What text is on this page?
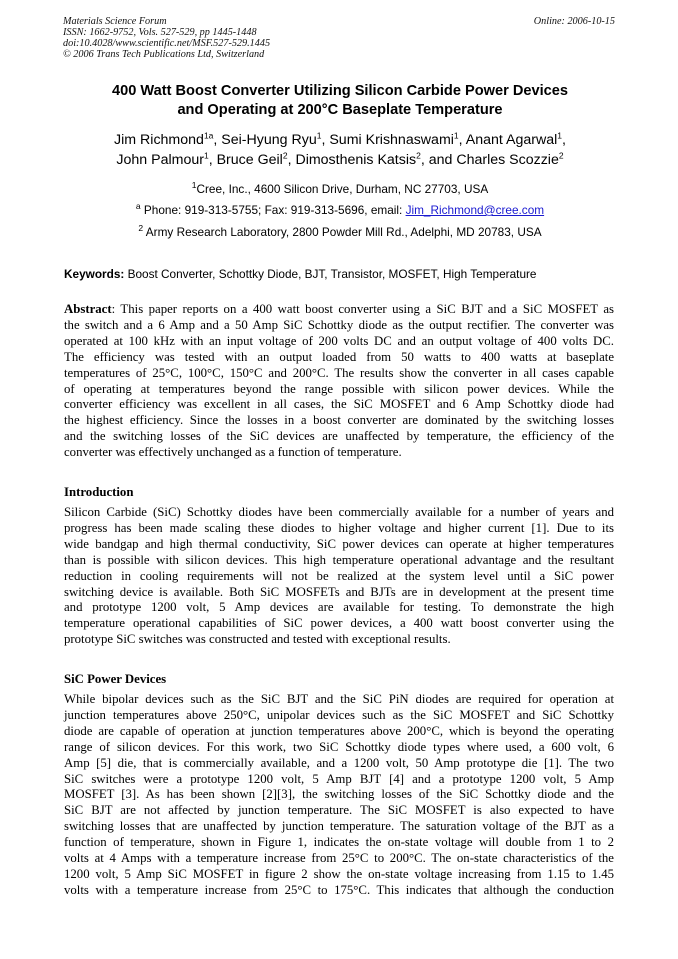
Materials Science Forum
ISSN: 1662-9752, Vols. 527-529, pp 1445-1448
doi:10.4028/www.scientific.net/MSF.527-529.1445
© 2006 Trans Tech Publications Ltd, Switzerland
Online: 2006-10-15
400 Watt Boost Converter Utilizing Silicon Carbide Power Devices
and Operating at 200°C Baseplate Temperature
Jim Richmond$^{1a}$, Sei-Hyung Ryu$^1$, Sumi Krishnaswami$^1$, Anant Agarwal$^1$,
John Palmour$^1$, Bruce Geil$^2$, Dimosthenis Katsis$^2$, and Charles Scozzie$^2$
$^1$Cree, Inc., 4600 Silicon Drive, Durham, NC 27703, USA
$^a$ Phone: 919-313-5755; Fax: 919-313-5696, email: Jim_Richmond@cree.com
$^2$ Army Research Laboratory, 2800 Powder Mill Rd., Adelphi, MD 20783, USA
Keywords: Boost Converter, Schottky Diode, BJT, Transistor, MOSFET, High Temperature
Abstract: This paper reports on a 400 watt boost converter using a SiC BJT and a SiC MOSFET as
the switch and a 6 Amp and a 50 Amp SiC Schottky diode as the output rectifier. The converter was
operated at 100 kHz with an input voltage of 200 volts DC and an output voltage of 400 volts DC.
The efficiency was tested with an output loaded from 50 watts to 400 watts at baseplate
temperatures of 25°C, 100°C, 150°C and 200°C. The results show the converter in all cases capable
of operating at temperatures beyond the range possible with silicon power devices. While the
converter efficiency was excellent in all cases, the SiC MOSFET and 6 Amp Schottky diode had
the highest efficiency. Since the losses in a boost converter are dominated by the switching losses
and the switching losses of the SiC devices are unaffected by temperature, the efficiency of the
converter was effectively unchanged as a function of temperature.
Introduction
Silicon Carbide (SiC) Schottky diodes have been commercially available for a number of years and
progress has been made scaling these diodes to higher voltage and higher current [1]. Due to its
wide bandgap and high thermal conductivity, SiC power devices can operate at higher temperatures
than is possible with silicon devices. This high temperature operational advantage and the resultant
reduction in cooling requirements will not be realized at the system level until a SiC power
switching device is available. Both SiC MOSFETs and BJTs are in development at the present time
and prototype 1200 volt, 5 Amp devices are available for testing. To demonstrate the high
temperature operational capabilities of SiC power devices, a 400 watt boost converter using the
prototype SiC switches was constructed and tested with exceptional results.
SiC Power Devices
While bipolar devices such as the SiC BJT and the SiC PiN diodes are required for operation at
junction temperatures above 250°C, unipolar devices such as the SiC MOSFET and SiC Schottky
diode are capable of operation at junction temperatures above 200°C, which is beyond the operating
range of silicon devices. For this work, two SiC Schottky diode types where used, a 600 volt, 6
Amp [5] die, that is commercially available, and a 1200 volt, 50 Amp prototype die [1]. The two
SiC switches were a prototype 1200 volt, 5 Amp BJT [4] and a prototype 1200 volt, 5 Amp
MOSFET [3]. As has been shown [2][3], the switching losses of the SiC Schottky diode and the
SiC BJT are not affected by junction temperature. The SiC MOSFET is also expected to have
switching losses that are unaffected by junction temperature. The saturation voltage of the BJT as a
function of temperature, shown in Figure 1, indicates the on-state voltage will double from 1 to 2
volts at 4 Amps with a temperature increase from 25°C to 200°C. The on-state characteristics of the
1200 volt, 5 Amp SiC MOSFET in figure 2 show the on-state voltage increasing from 1.15 to 1.45
volts with a temperature increase from 25°C to 175°C. This indicates that although the conduction
